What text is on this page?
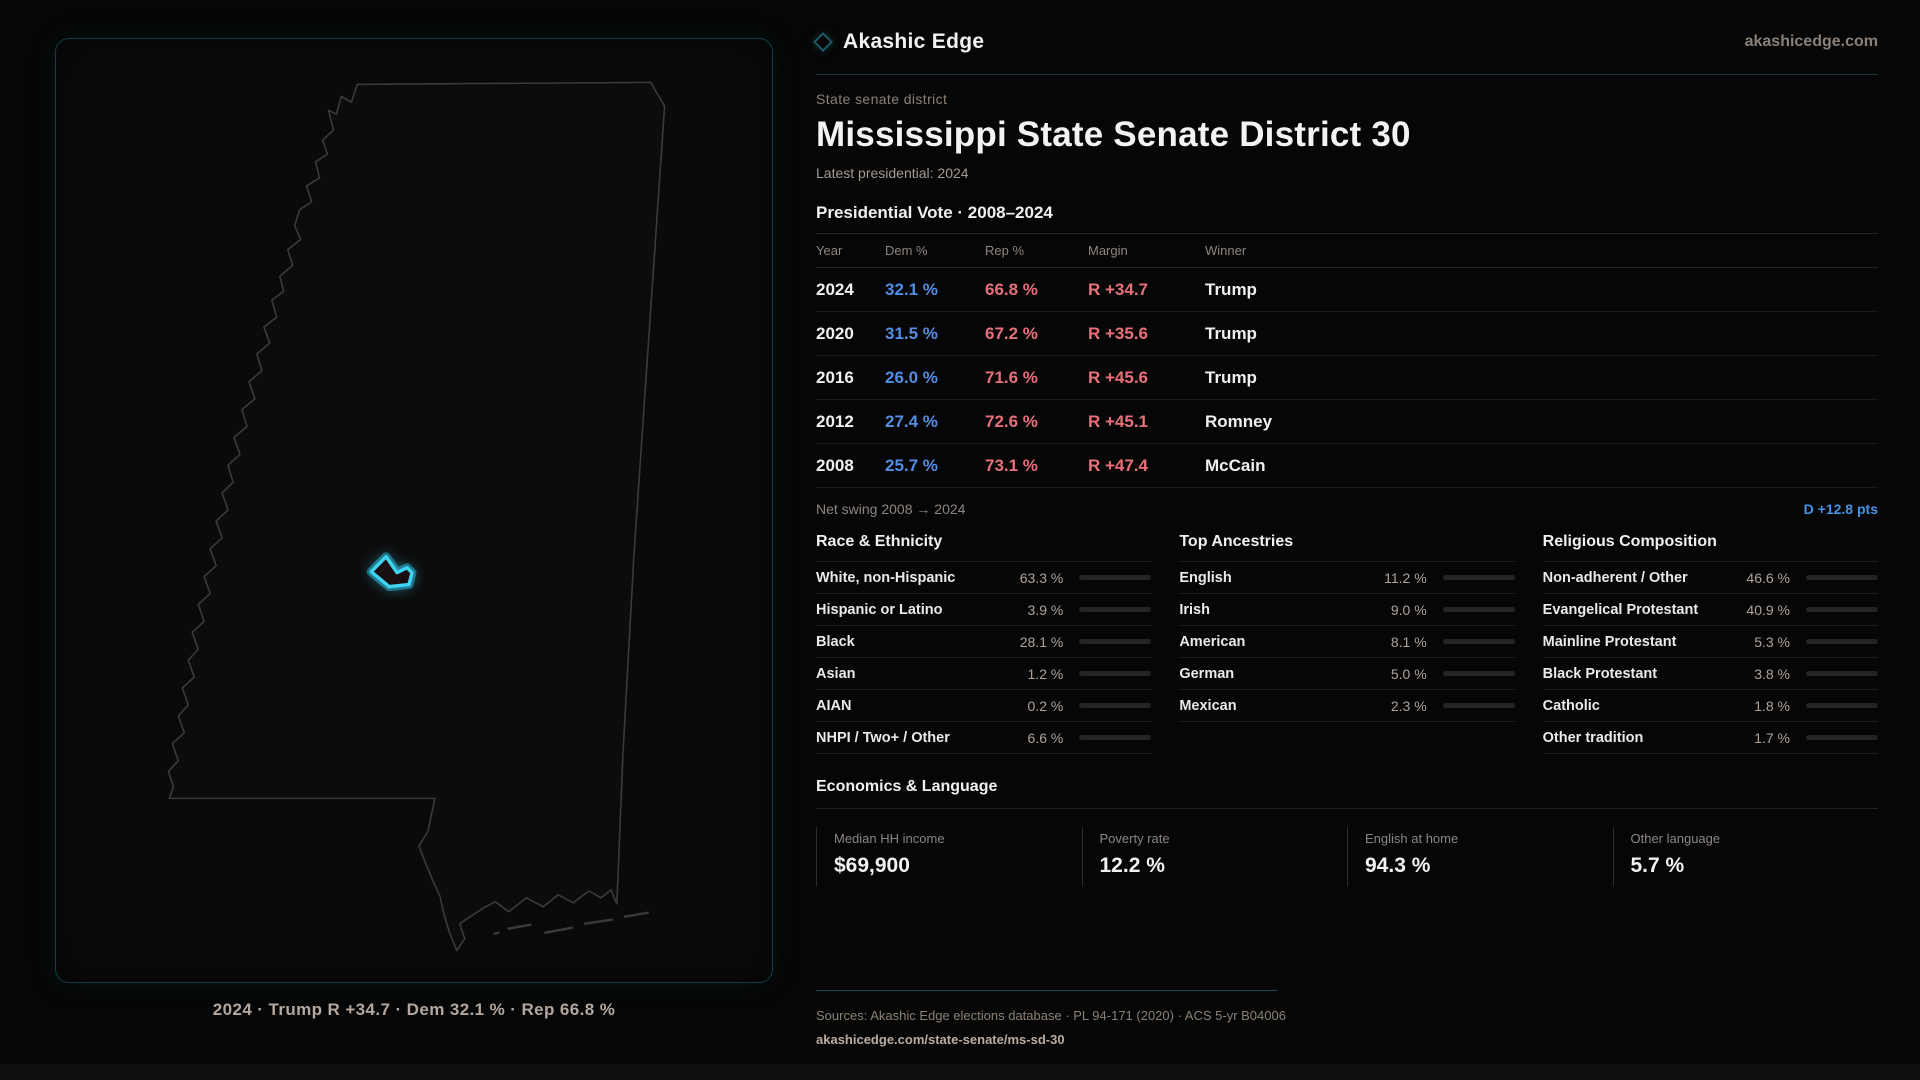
2024 · Trump R +34.7 · Dem 32.1 % · Rep 66.8 %
Akashic Edge	akashicedge.com
State senate district
Mississippi State Senate District 30
Latest presidential: 2024
Presidential Vote · 2008–2024
Year	Dem %	Rep %	Margin	Winner
2024	32.1 %	66.8 %	R +34.7	Trump
2020	31.5 %	67.2 %	R +35.6	Trump
2016	26.0 %	71.6 %	R +45.6	Trump
2012	27.4 %	72.6 %	R +45.1	Romney
2008	25.7 %	73.1 %	R +47.4	McCain
Net swing 2008 → 2024	D +12.8 pts
Race & Ethnicity
White, non-Hispanic	63.3 %
Hispanic or Latino	3.9 %
Black	28.1 %
Asian	1.2 %
AIAN	0.2 %
NHPI / Two+ / Other	6.6 %
Top Ancestries
English	11.2 %
Irish	9.0 %
American	8.1 %
German	5.0 %
Mexican	2.3 %
Religious Composition
Non-adherent / Other	46.6 %
Evangelical Protestant	40.9 %
Mainline Protestant	5.3 %
Black Protestant	3.8 %
Catholic	1.8 %
Other tradition	1.7 %
Economics & Language
Median HH income
$69,900
Poverty rate
12.2 %
English at home
94.3 %
Other language
5.7 %
Sources: Akashic Edge elections database · PL 94-171 (2020) · ACS 5-yr B04006
akashicedge.com/state-senate/ms-sd-30
